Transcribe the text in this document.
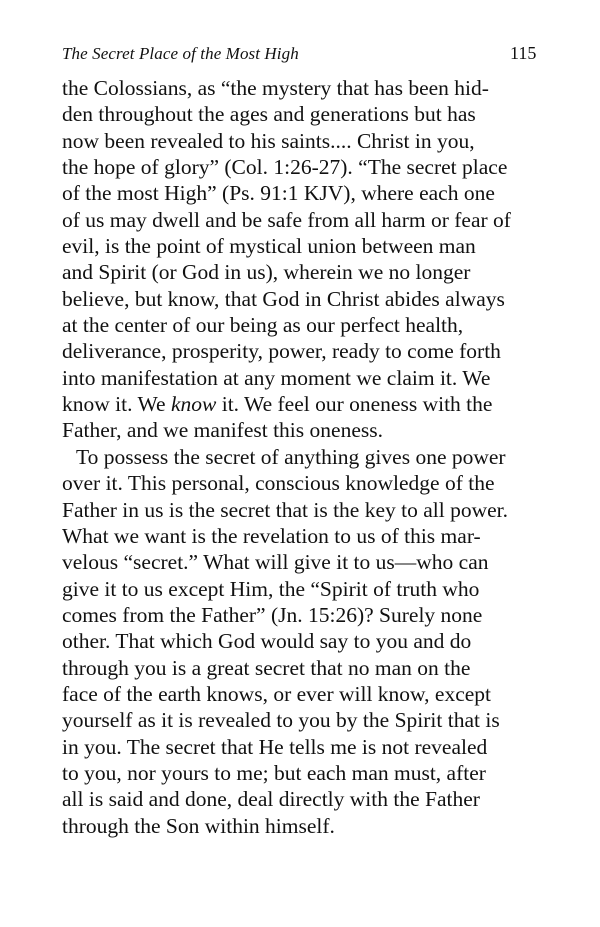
The Secret Place of the Most High	115
the Colossians, as “the mystery that has been hid-
den throughout the ages and generations but has
now been revealed to his saints.... Christ in you,
the hope of glory” (Col. 1:26-27). “The secret place
of the most High” (Ps. 91:1 KJV), where each one
of us may dwell and be safe from all harm or fear of
evil, is the point of mystical union between man
and Spirit (or God in us), wherein we no longer
believe, but know, that God in Christ abides always
at the center of our being as our perfect health,
deliverance, prosperity, power, ready to come forth
into manifestation at any moment we claim it. We
know it. We know it. We feel our oneness with the
Father, and we manifest this oneness.
To possess the secret of anything gives one power
over it. This personal, conscious knowledge of the
Father in us is the secret that is the key to all power.
What we want is the revelation to us of this mar-
velous “secret.” What will give it to us—who can
give it to us except Him, the “Spirit of truth who
comes from the Father” (Jn. 15:26)? Surely none
other. That which God would say to you and do
through you is a great secret that no man on the
face of the earth knows, or ever will know, except
yourself as it is revealed to you by the Spirit that is
in you. The secret that He tells me is not revealed
to you, nor yours to me; but each man must, after
all is said and done, deal directly with the Father
through the Son within himself.
